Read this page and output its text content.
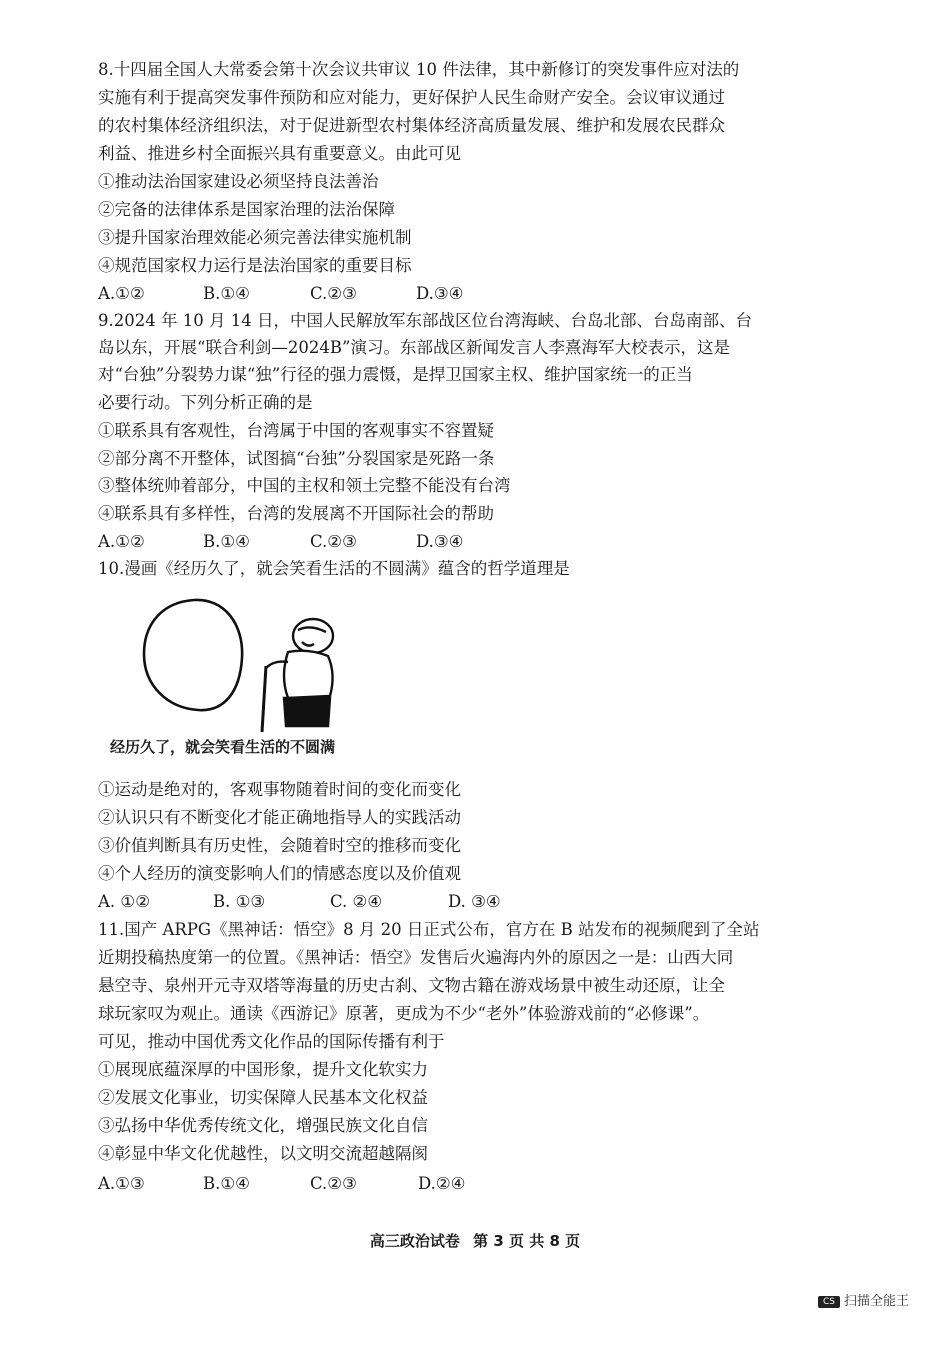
8.十四届全国人大常委会第十次会议共审议 10 件法律，其中新修订的突发事件应对法的
实施有利于提高突发事件预防和应对能力，更好保护人民生命财产安全。会议审议通过
的农村集体经济组织法，对于促进新型农村集体经济高质量发展、维护和发展农民群众
利益、推进乡村全面振兴具有重要意义。由此可见
①推动法治国家建设必须坚持良法善治
②完备的法律体系是国家治理的法治保障
③提升国家治理效能必须完善法律实施机制
④规范国家权力运行是法治国家的重要目标
A.①②	B.①④	C.②③	D.③④
9.2024 年 10 月 14 日，中国人民解放军东部战区位台湾海峡、台岛北部、台岛南部、台
岛以东，开展“联合利剑—2024B”演习。东部战区新闻发言人李熹海军大校表示，这是
对“台独”分裂势力谋“独”行径的强力震慑，是捍卫国家主权、维护国家统一的正当
必要行动。下列分析正确的是
①联系具有客观性，台湾属于中国的客观事实不容置疑
②部分离不开整体，试图搞“台独”分裂国家是死路一条
③整体统帅着部分，中国的主权和领土完整不能没有台湾
④联系具有多样性，台湾的发展离不开国际社会的帮助
A.①②	B.①④	C.②③	D.③④
10.漫画《经历久了，就会笑看生活的不圆满》蕴含的哲学道理是
经历久了，就会笑看生活的不圆满
①运动是绝对的，客观事物随着时间的变化而变化
②认识只有不断变化才能正确地指导人的实践活动
③价值判断具有历史性，会随着时空的推移而变化
④个人经历的演变影响人们的情感态度以及价值观
A. ①②	B. ①③	C. ②④	D. ③④
11.国产 ARPG《黑神话：悟空》8 月 20 日正式公布，官方在 B 站发布的视频爬到了全站
近期投稿热度第一的位置。《黑神话：悟空》发售后火遍海内外的原因之一是：山西大同
悬空寺、泉州开元寺双塔等海量的历史古刹、文物古籍在游戏场景中被生动还原，让全
球玩家叹为观止。通读《西游记》原著，更成为不少“老外”体验游戏前的“必修课”。
可见，推动中国优秀文化作品的国际传播有利于
①展现底蕴深厚的中国形象，提升文化软实力
②发展文化事业，切实保障人民基本文化权益
③弘扬中华优秀传统文化，增强民族文化自信
④彰显中华文化优越性，以文明交流超越隔阂
A.①③	B.①④	C.②③	D.②④
高三政治试卷 第 3 页 共 8 页
CS 扫描全能王
